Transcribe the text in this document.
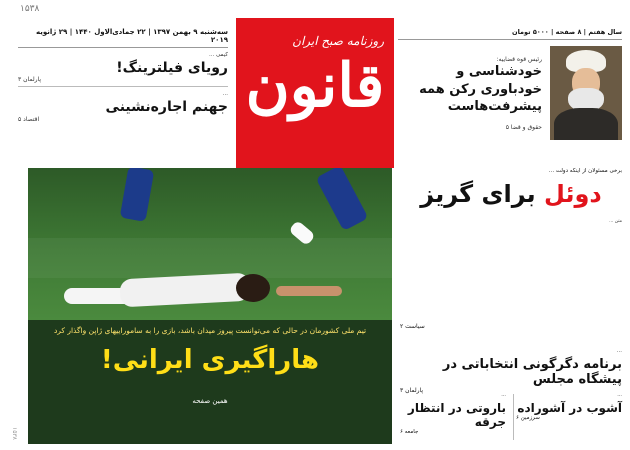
۱۵۳۸
سه‌شنبه ۹ بهمن ۱۳۹۷ | ۲۲ جمادی‌الاول ۱۴۴۰ | ۲۹ ژانویه ۲۰۱۹
کیمی ...
رویای فیلترینگ!
پارلمان ۳
...
جهنم اجاره‌نشینی
اقتصاد ۵
روزنامه صبح ایران
قانون
سال هفتم | ۸ صفحه | ۵۰۰۰ تومان
رئیس قوه قضاییه:
خودشناسی و خودباوری رکن همه پیشرفت‌هاست
حقوق و قضا ۵
تیم ملی کشورمان در حالی که می‌توانست پیروز میدان باشد، بازی را به ساموراییهای ژاپن واگذار کرد
هاراگیری ایرانی!
همین صفحه
برخی مسئولان از اینکه دولت ...
دوئل برای گریز
متن ...
سیاست ۲
...
برنامه دگرگونی انتخاباتی در پیشگاه مجلس
پارلمان ۳
...
آشوب در آشوراده
سرزمین ۶
...
باروتی در انتظار جرقه
جامعه ۶
۱۵۳۸
